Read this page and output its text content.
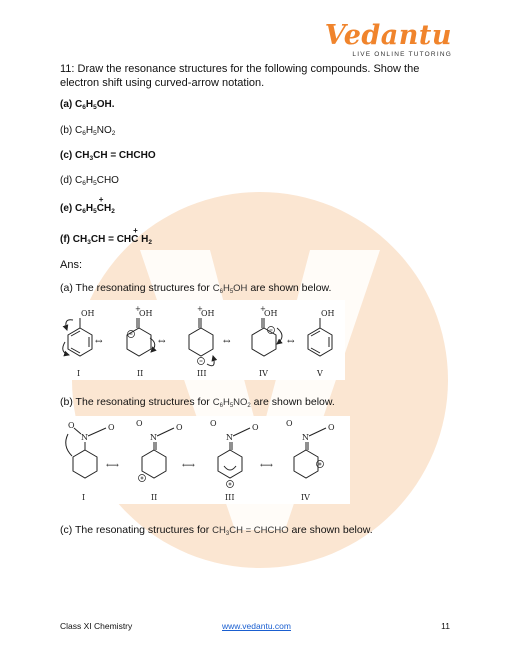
Vedantu
LIVE ONLINE TUTORING

11: Draw the resonance structures for the following compounds. Show the electron shift using curved-arrow notation.

(a) $C_6H_5OH$.
(b) $C_6H_5NO_2$
(c) $CH_3CH$ = CHCHO
(d) $C_6H_5CHO$
(e) $C_6H_5C$
+
$H_2$
(f) $CH_3CH$ = CHC
+
$H_2$
Ans:
(a) The resonating structures for $C_6H_5OH$ are shown below.
(b) The resonating structures for $C_6H_5NO_2$ are shown below.
(c) The resonating structures for $CH_3CH$ = CHCHO are shown below.
OH
↔
+
OH
↔
+
OH
↔
+
OH
↔
OH
I	II	III	IV	V
O
N
O
⟷
O
N
O
⟷
O
N
O
⟷
O
N
O
I	II	III	IV
Class XI Chemistry	www.vedantu.com	11
